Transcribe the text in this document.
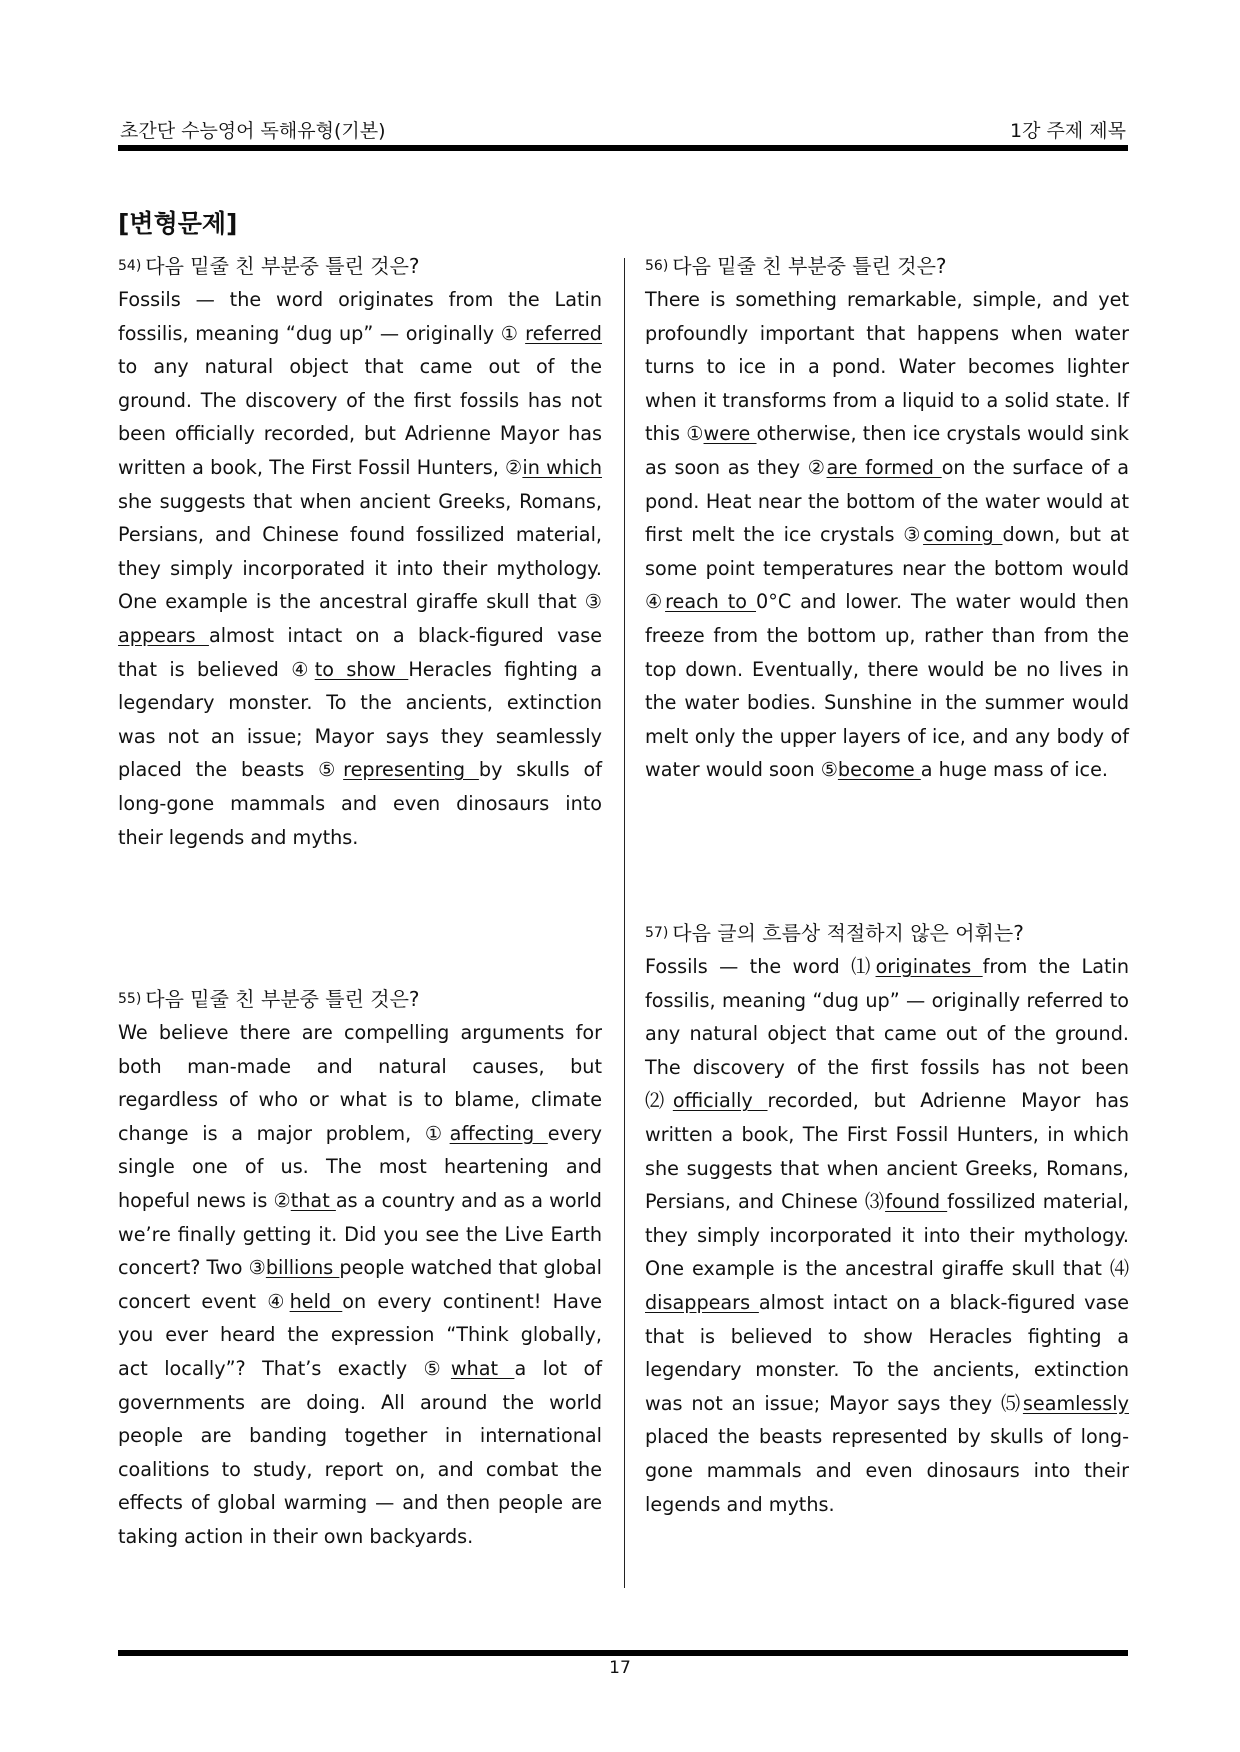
초간단 수능영어 독해유형(기본)	1강 주제 제목
[변형문제]
54) 다음 밑줄 친 부분중 틀린 것은?
Fossils — the word originates from the Latin fossilis, meaning “dug up” — originally ① referred to any natural object that came out of the ground. The discovery of the first fossils has not been officially recorded, but Adrienne Mayor has written a book, The First Fossil Hunters, ②in which she suggests that when ancient Greeks, Romans, Persians, and Chinese found fossilized material, they simply incorporated it into their mythology. One example is the ancestral giraffe skull that ③ appears almost intact on a black-figured vase that is believed ④to show Heracles fighting a legendary monster. To the ancients, extinction was not an issue; Mayor says they seamlessly placed the beasts ⑤representing by skulls of long-gone mammals and even dinosaurs into their legends and myths.
55) 다음 밑줄 친 부분중 틀린 것은?
We believe there are compelling arguments for both man-made and natural causes, but regardless of who or what is to blame, climate change is a major problem, ①affecting every single one of us. The most heartening and hopeful news is ②that as a country and as a world we’re finally getting it. Did you see the Live Earth concert? Two ③billions people watched that global concert event ④held on every continent! Have you ever heard the expression “Think globally, act locally”? That’s exactly ⑤what a lot of governments are doing. All around the world people are banding together in international coalitions to study, report on, and combat the effects of global warming — and then people are taking action in their own backyards.
56) 다음 밑줄 친 부분중 틀린 것은?
There is something remarkable, simple, and yet profoundly important that happens when water turns to ice in a pond. Water becomes lighter when it transforms from a liquid to a solid state. If this ①were otherwise, then ice crystals would sink as soon as they ②are formed on the surface of a pond. Heat near the bottom of the water would at first melt the ice crystals ③coming down, but at some point temperatures near the bottom would ④reach to 0°C and lower. The water would then freeze from the bottom up, rather than from the top down. Eventually, there would be no lives in the water bodies. Sunshine in the summer would melt only the upper layers of ice, and any body of water would soon ⑤become a huge mass of ice.
57) 다음 글의 흐름상 적절하지 않은 어휘는?
Fossils — the word ⑴originates from the Latin fossilis, meaning “dug up” — originally referred to any natural object that came out of the ground. The discovery of the first fossils has not been ⑵officially recorded, but Adrienne Mayor has written a book, The First Fossil Hunters, in which she suggests that when ancient Greeks, Romans, Persians, and Chinese ⑶found fossilized material, they simply incorporated it into their mythology. One example is the ancestral giraffe skull that ⑷ disappears almost intact on a black-figured vase that is believed to show Heracles fighting a legendary monster. To the ancients, extinction was not an issue; Mayor says they ⑸seamlessly placed the beasts represented by skulls of long-gone mammals and even dinosaurs into their legends and myths.
17
